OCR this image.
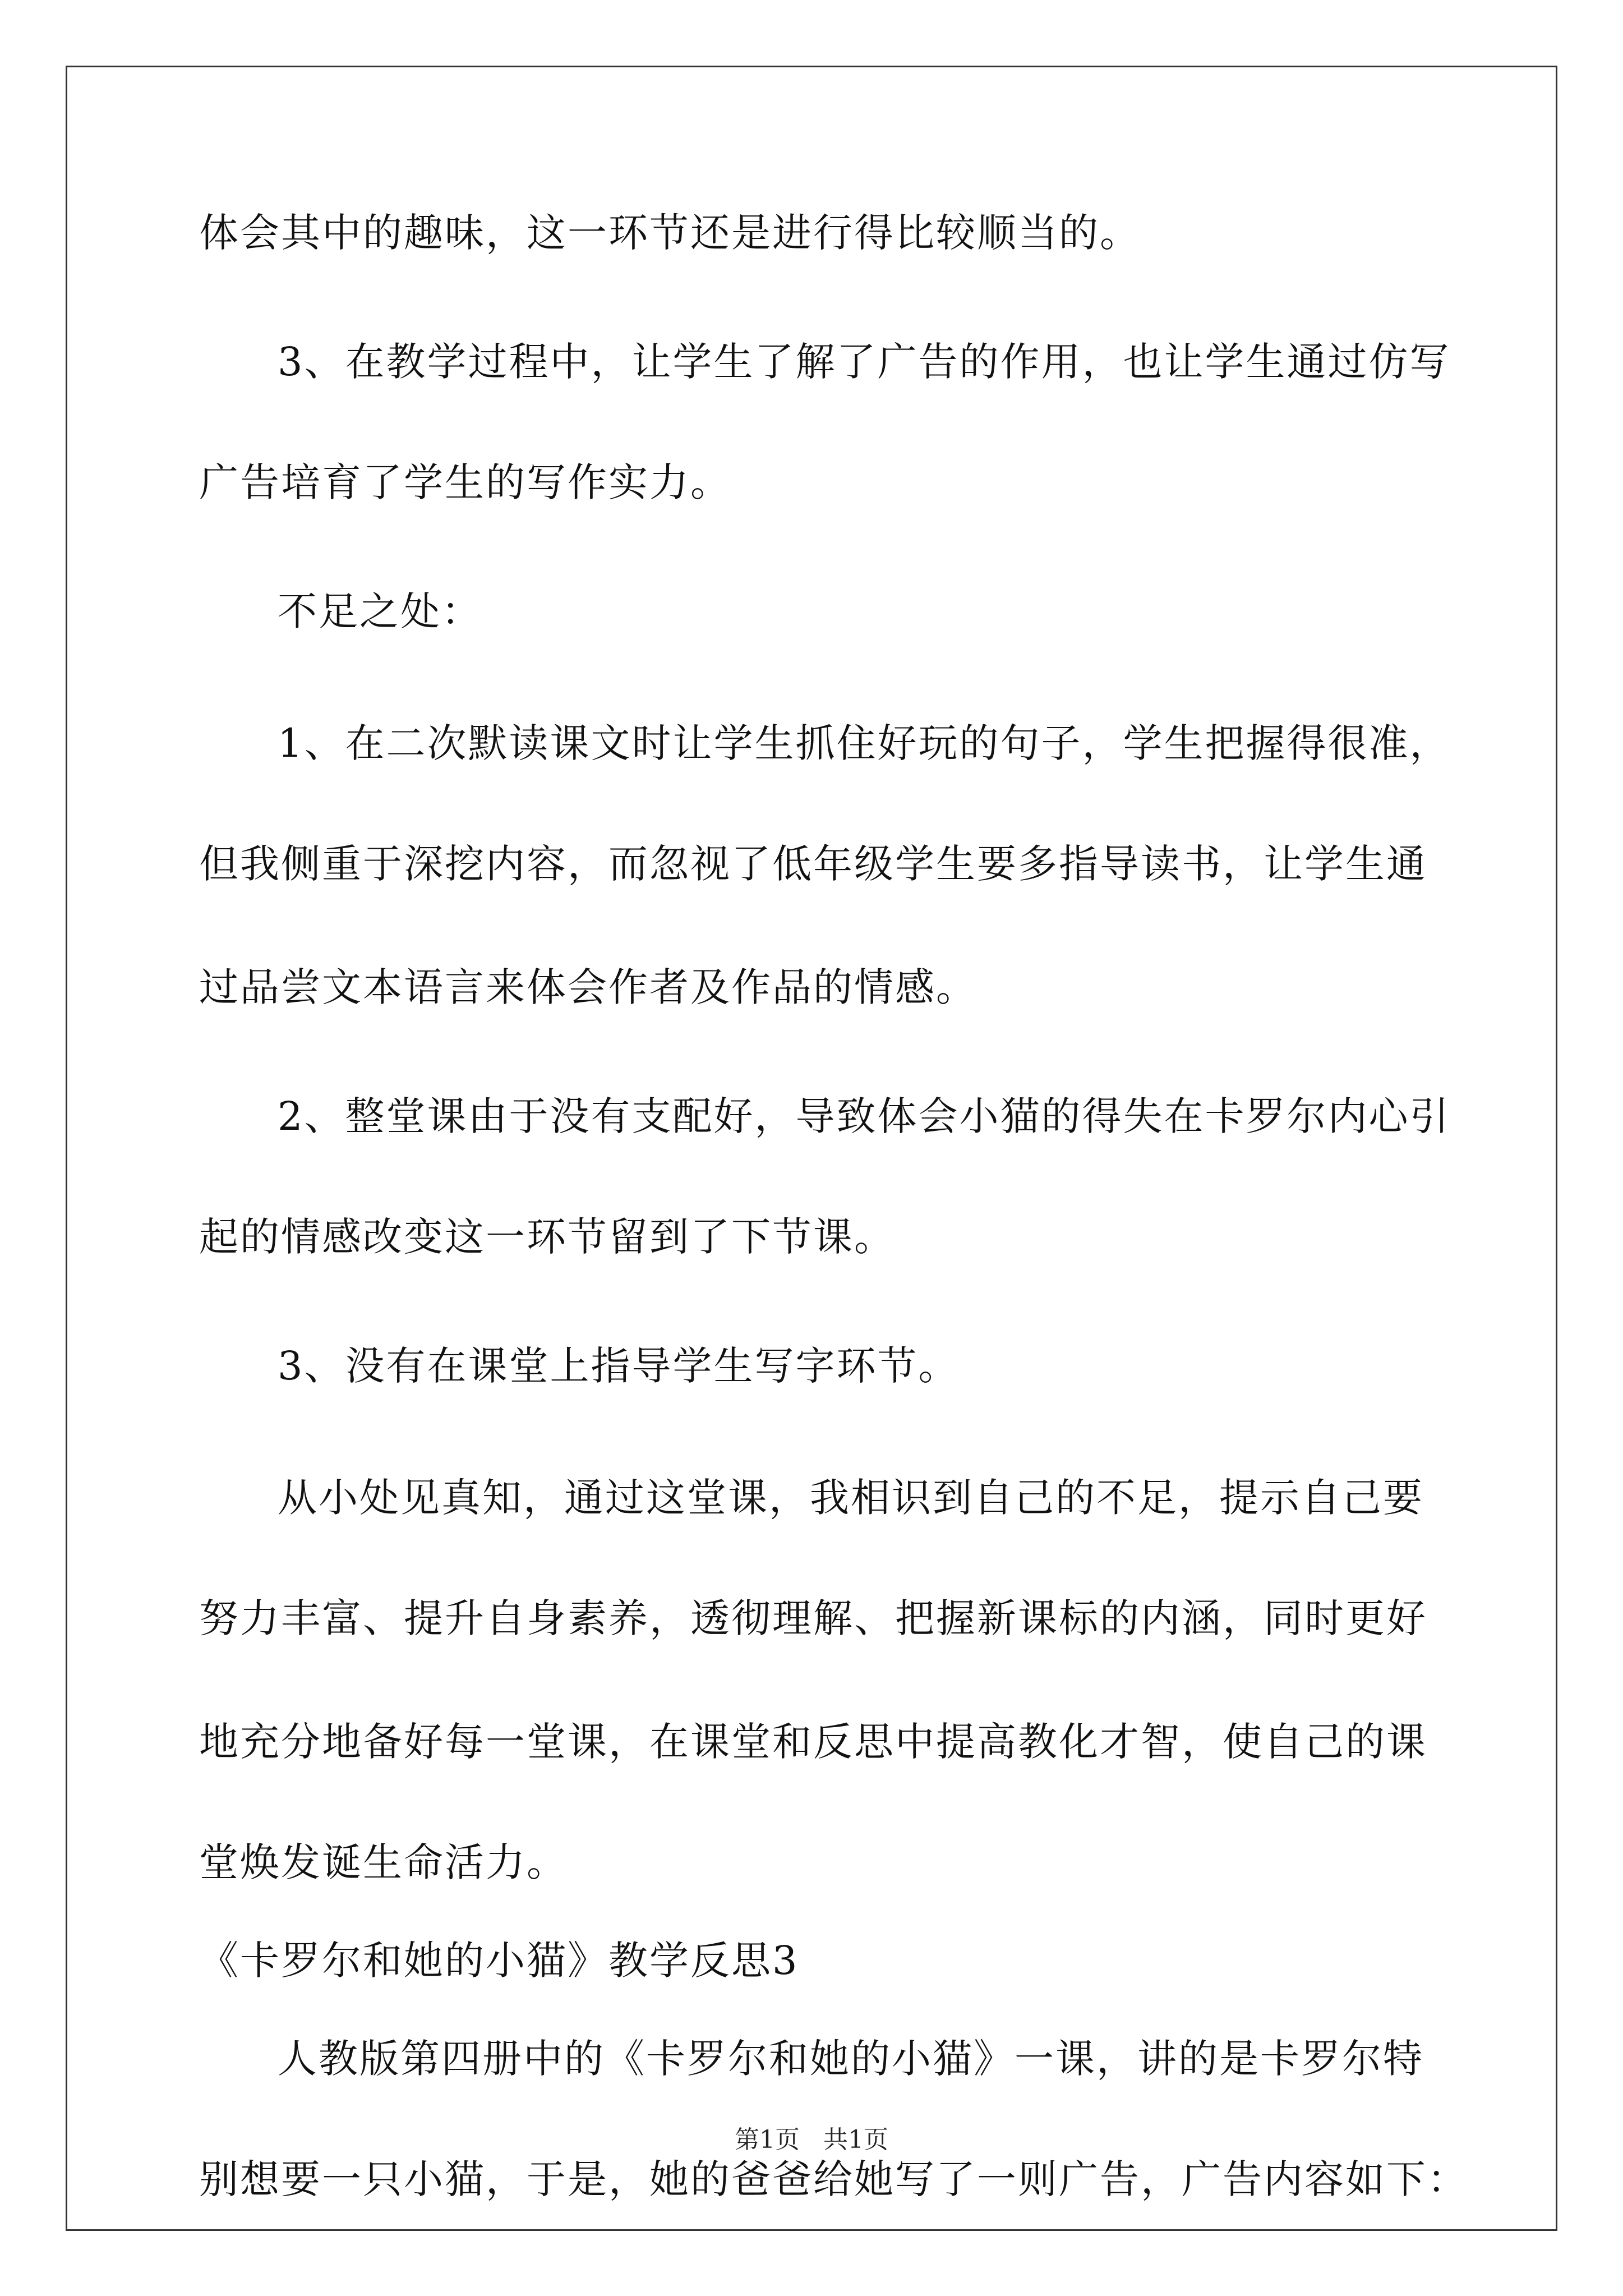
体会其中的趣味，这一环节还是进行得比较顺当的。
3、在教学过程中，让学生了解了广告的作用，也让学生通过仿写
广告培育了学生的写作实力。
不足之处：
1、在二次默读课文时让学生抓住好玩的句子，学生把握得很准，
但我侧重于深挖内容，而忽视了低年级学生要多指导读书，让学生通
过品尝文本语言来体会作者及作品的情感。
2、整堂课由于没有支配好，导致体会小猫的得失在卡罗尔内心引
起的情感改变这一环节留到了下节课。
3、没有在课堂上指导学生写字环节。
从小处见真知，通过这堂课，我相识到自己的不足，提示自己要
努力丰富、提升自身素养，透彻理解、把握新课标的内涵，同时更好
地充分地备好每一堂课，在课堂和反思中提高教化才智，使自己的课
堂焕发诞生命活力。
《卡罗尔和她的小猫》教学反思3
人教版第四册中的《卡罗尔和她的小猫》一课，讲的是卡罗尔特
别想要一只小猫，于是，她的爸爸给她写了一则广告，广告内容如下：
第1页   共1页
